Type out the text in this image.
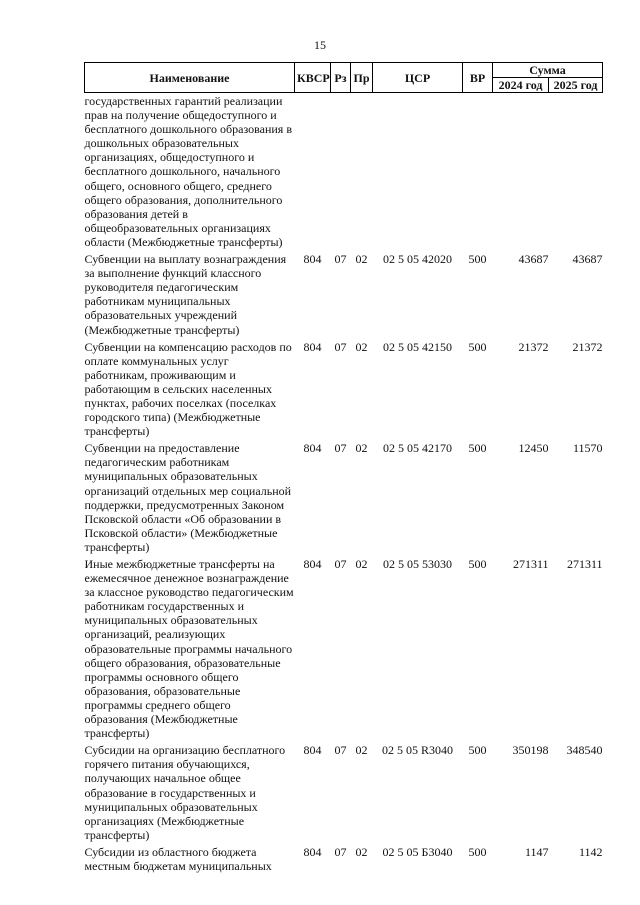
15
Наименование	КВСР	Рз	Пр	ЦСР	ВР	Сумма	
						2024 год	2025 год
государственных гарантий реализации прав на получение общедоступного и бесплатного дошкольного образования в дошкольных образовательных организациях, общедоступного и бесплатного дошкольного, начального общего, основного общего, среднего общего образования, дополнительного образования детей в общеобразовательных организациях области (Межбюджетные трансферты)							
Субвенции на выплату вознаграждения за выполнение функций классного руководителя педагогическим работникам муниципальных образовательных учреждений (Межбюджетные трансферты)	804	07	02	02 5 05 42020	500	43687	43687
Субвенции на компенсацию расходов по оплате коммунальных услуг работникам, проживающим и работающим в сельских населенных пунктах, рабочих поселках (поселках городского типа) (Межбюджетные трансферты)	804	07	02	02 5 05 42150	500	21372	21372
Субвенции на предоставление педагогическим работникам муниципальных образовательных организаций отдельных мер социальной поддержки, предусмотренных Законом Псковской области «Об образовании в Псковской области» (Межбюджетные трансферты)	804	07	02	02 5 05 42170	500	12450	11570
Иные межбюджетные трансферты на ежемесячное денежное вознаграждение за классное руководство педагогическим работникам государственных и муниципальных образовательных организаций, реализующих образовательные программы начального общего образования, образовательные программы основного общего образования, образовательные программы среднего общего образования (Межбюджетные трансферты)	804	07	02	02 5 05 53030	500	271311	271311
Субсидии на организацию бесплатного горячего питания обучающихся, получающих начальное общее образование в государственных и муниципальных образовательных организациях (Межбюджетные трансферты)	804	07	02	02 5 05 R3040	500	350198	348540
Субсидии из областного бюджета местным бюджетам муниципальных	804	07	02	02 5 05 Б3040	500	1147	1142
